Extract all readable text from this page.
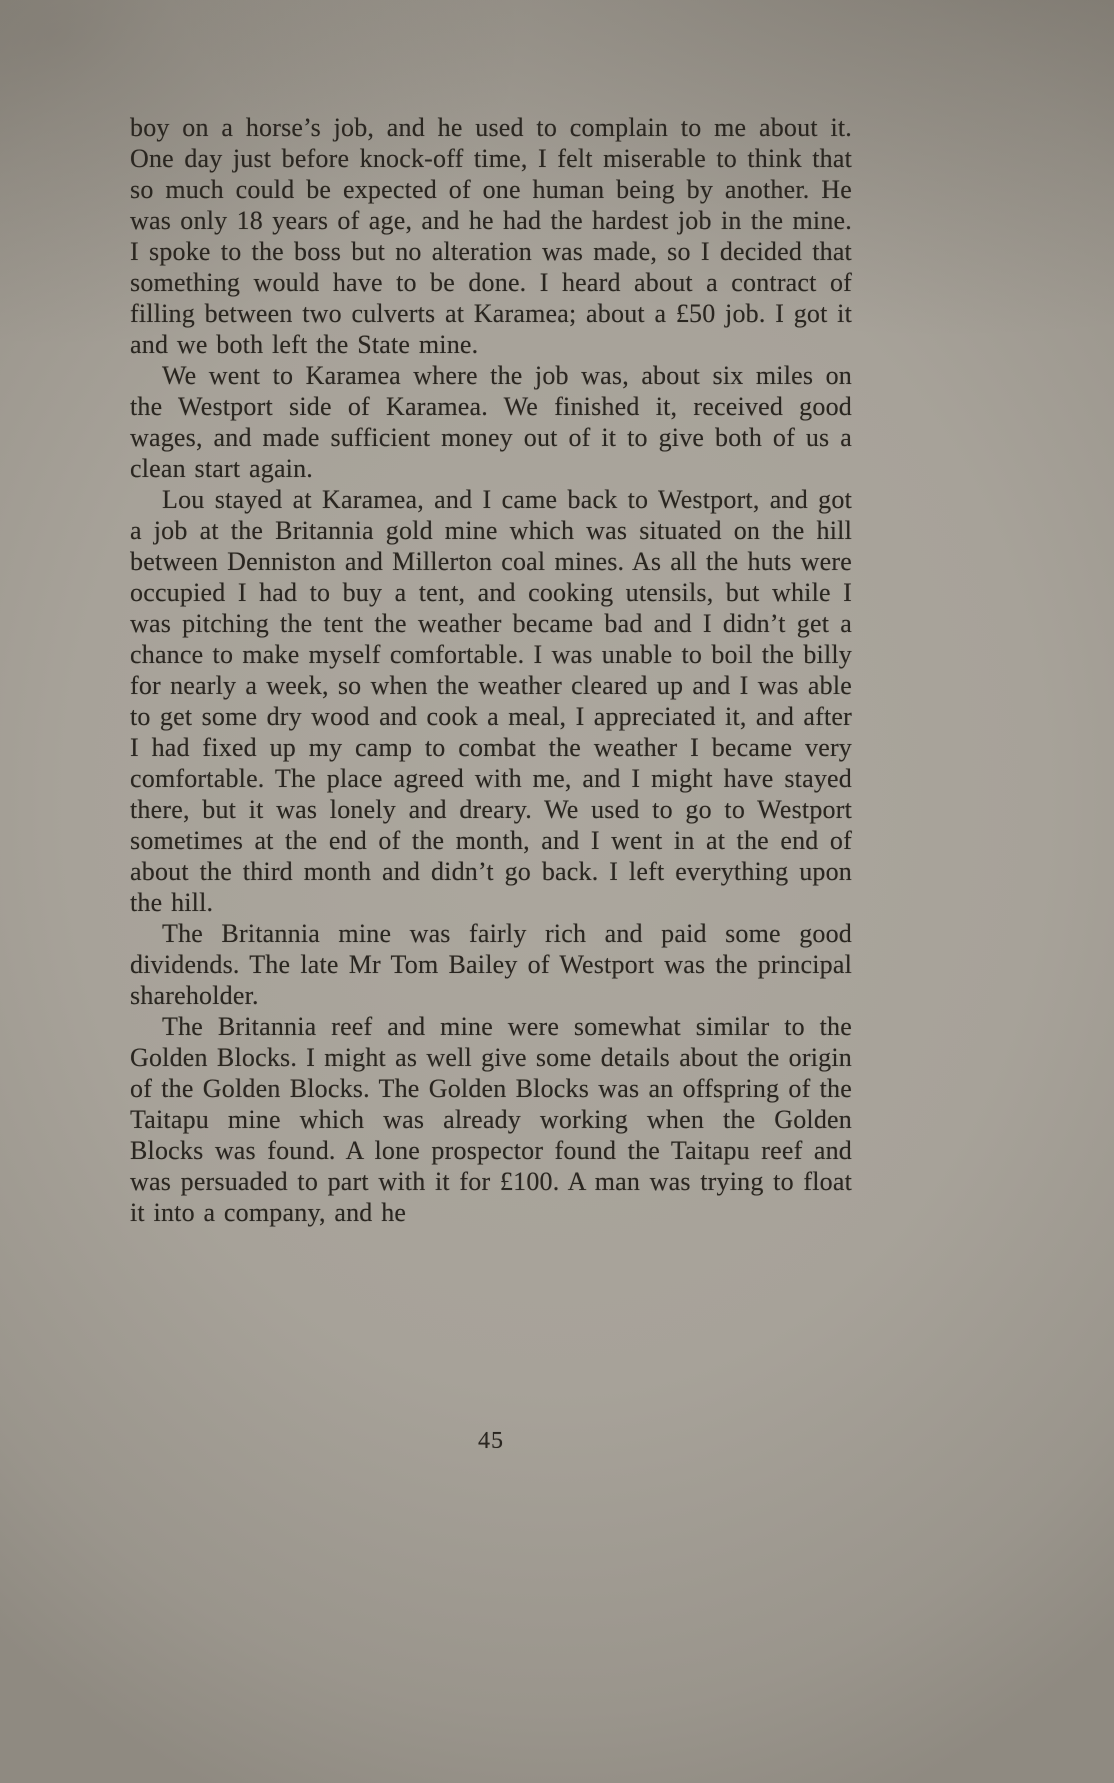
boy on a horse’s job, and he used to complain to me about it. One day just before knock-off time, I felt miserable to think that so much could be expected of one human being by another. He was only 18 years of age, and he had the hardest job in the mine. I spoke to the boss but no alteration was made, so I decided that something would have to be done. I heard about a contract of filling between two culverts at Karamea; about a £50 job. I got it and we both left the State mine.

We went to Karamea where the job was, about six miles on the Westport side of Karamea. We finished it, received good wages, and made sufficient money out of it to give both of us a clean start again.

Lou stayed at Karamea, and I came back to Westport, and got a job at the Britannia gold mine which was situated on the hill between Denniston and Millerton coal mines. As all the huts were occupied I had to buy a tent, and cooking utensils, but while I was pitching the tent the weather became bad and I didn’t get a chance to make myself comfortable. I was unable to boil the billy for nearly a week, so when the weather cleared up and I was able to get some dry wood and cook a meal, I appreciated it, and after I had fixed up my camp to combat the weather I became very comfortable. The place agreed with me, and I might have stayed there, but it was lonely and dreary. We used to go to Westport sometimes at the end of the month, and I went in at the end of about the third month and didn’t go back. I left everything upon the hill.

The Britannia mine was fairly rich and paid some good dividends. The late Mr Tom Bailey of Westport was the principal shareholder.

The Britannia reef and mine were somewhat similar to the Golden Blocks. I might as well give some details about the origin of the Golden Blocks. The Golden Blocks was an offspring of the Taitapu mine which was already working when the Golden Blocks was found. A lone prospector found the Taitapu reef and was persuaded to part with it for £100. A man was trying to float it into a company, and he

45
